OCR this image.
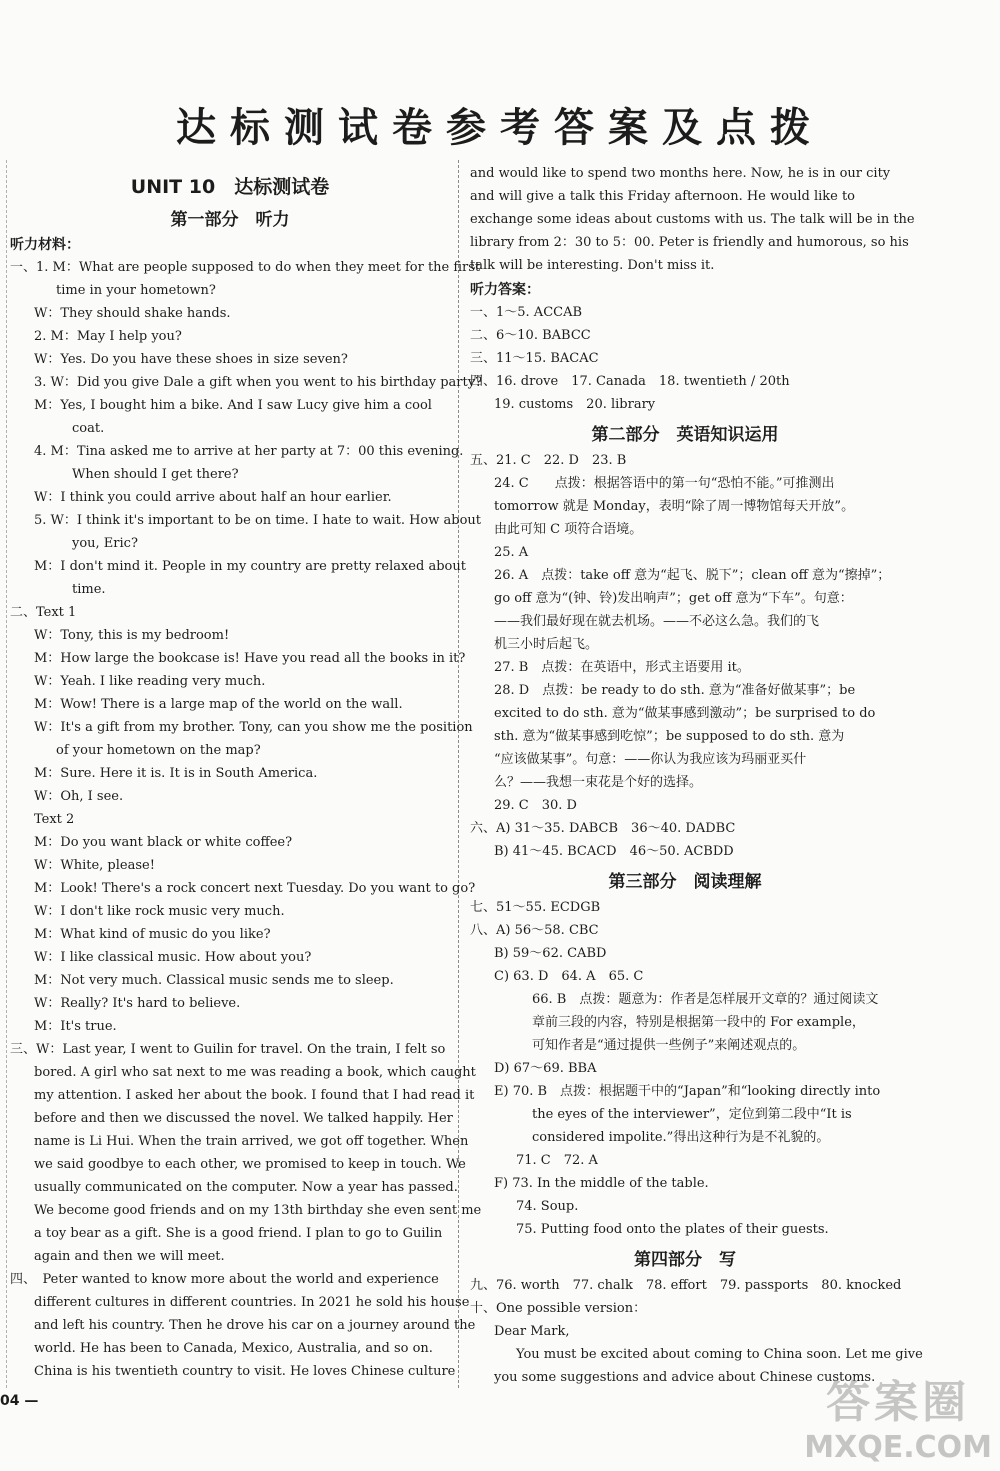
达标测试卷参考答案及点拨
UNIT 10　达标测试卷
第一部分　听力
听力材料：
一、1. M：What are people supposed to do when they meet for the first
time in your hometown?
W：They should shake hands.
2. M：May I help you?
W：Yes. Do you have these shoes in size seven?
3. W：Did you give Dale a gift when you went to his birthday party?
M：Yes, I bought him a bike. And I saw Lucy give him a cool
coat.
4. M：Tina asked me to arrive at her party at 7：00 this evening.
When should I get there?
W：I think you could arrive about half an hour earlier.
5. W：I think it's important to be on time. I hate to wait. How about
you, Eric?
M：I don't mind it. People in my country are pretty relaxed about
time.
二、Text 1
W：Tony, this is my bedroom!
M：How large the bookcase is! Have you read all the books in it?
W：Yeah. I like reading very much.
M：Wow! There is a large map of the world on the wall.
W：It's a gift from my brother. Tony, can you show me the position
of your hometown on the map?
M：Sure. Here it is. It is in South America.
W：Oh, I see.
Text 2
M：Do you want black or white coffee?
W：White, please!
M：Look! There's a rock concert next Tuesday. Do you want to go?
W：I don't like rock music very much.
M：What kind of music do you like?
W：I like classical music. How about you?
M：Not very much. Classical music sends me to sleep.
W：Really? It's hard to believe.
M：It's true.
三、W：Last year, I went to Guilin for travel. On the train, I felt so
bored. A girl who sat next to me was reading a book, which caught
my attention. I asked her about the book. I found that I had read it
before and then we discussed the novel. We talked happily. Her
name is Li Hui. When the train arrived, we got off together. When
we said goodbye to each other, we promised to keep in touch. We
usually communicated on the computer. Now a year has passed.
We become good friends and on my 13th birthday she even sent me
a toy bear as a gift. She is a good friend. I plan to go to Guilin
again and then we will meet.
四、　Peter wanted to know more about the world and experience
different cultures in different countries. In 2021 he sold his house
and left his country. Then he drove his car on a journey around the
world. He has been to Canada, Mexico, Australia, and so on.
China is his twentieth country to visit. He loves Chinese culture
and would like to spend two months here. Now, he is in our city
and will give a talk this Friday afternoon. He would like to
exchange some ideas about customs with us. The talk will be in the
library from 2：30 to 5：00. Peter is friendly and humorous, so his
talk will be interesting. Don't miss it.
听力答案：
一、1～5. ACCAB
二、6～10. BABCC
三、11～15. BACAC
四、16. drove　17. Canada　18. twentieth / 20th
19. customs　20. library
第二部分　英语知识运用
五、21. C　22. D　23. B
24. C　　点拨：根据答语中的第一句“恐怕不能。”可推测出
tomorrow 就是 Monday，表明“除了周一博物馆每天开放”。
由此可知 C 项符合语境。
25. A
26. A　点拨：take off 意为“起飞、脱下”；clean off 意为“擦掉”；
go off 意为“(钟、铃)发出响声”；get off 意为“下车”。句意：
——我们最好现在就去机场。——不必这么急。我们的飞
机三小时后起飞。
27. B　点拨：在英语中，形式主语要用 it。
28. D　点拨：be ready to do sth. 意为“准备好做某事”；be
excited to do sth. 意为“做某事感到激动”；be surprised to do
sth. 意为“做某事感到吃惊”；be supposed to do sth. 意为
“应该做某事”。句意：——你认为我应该为玛丽亚买什
么？——我想一束花是个好的选择。
29. C　30. D
六、A) 31～35. DABCB　36～40. DADBC
B) 41～45. BCACD　46～50. ACBDD
第三部分　阅读理解
七、51～55. ECDGB
八、A) 56～58. CBC
B) 59～62. CABD
C) 63. D　64. A　65. C
66. B　点拨：题意为：作者是怎样展开文章的？通过阅读文
章前三段的内容，特别是根据第一段中的 For example，
可知作者是“通过提供一些例子”来阐述观点的。
D) 67～69. BBA
E) 70. B　点拨：根据题干中的“Japan”和“looking directly into
the eyes of the interviewer”，定位到第二段中“It is
considered impolite.”得出这种行为是不礼貌的。
71. C　72. A
F) 73. In the middle of the table.
74. Soup.
75. Putting food onto the plates of their guests.
第四部分　写
九、76. worth　77. chalk　78. effort　79. passports　80. knocked
十、One possible version：
Dear Mark,
You must be excited about coming to China soon. Let me give
you some suggestions and advice about Chinese customs.
04 —	答案圈
MXQE.COM
